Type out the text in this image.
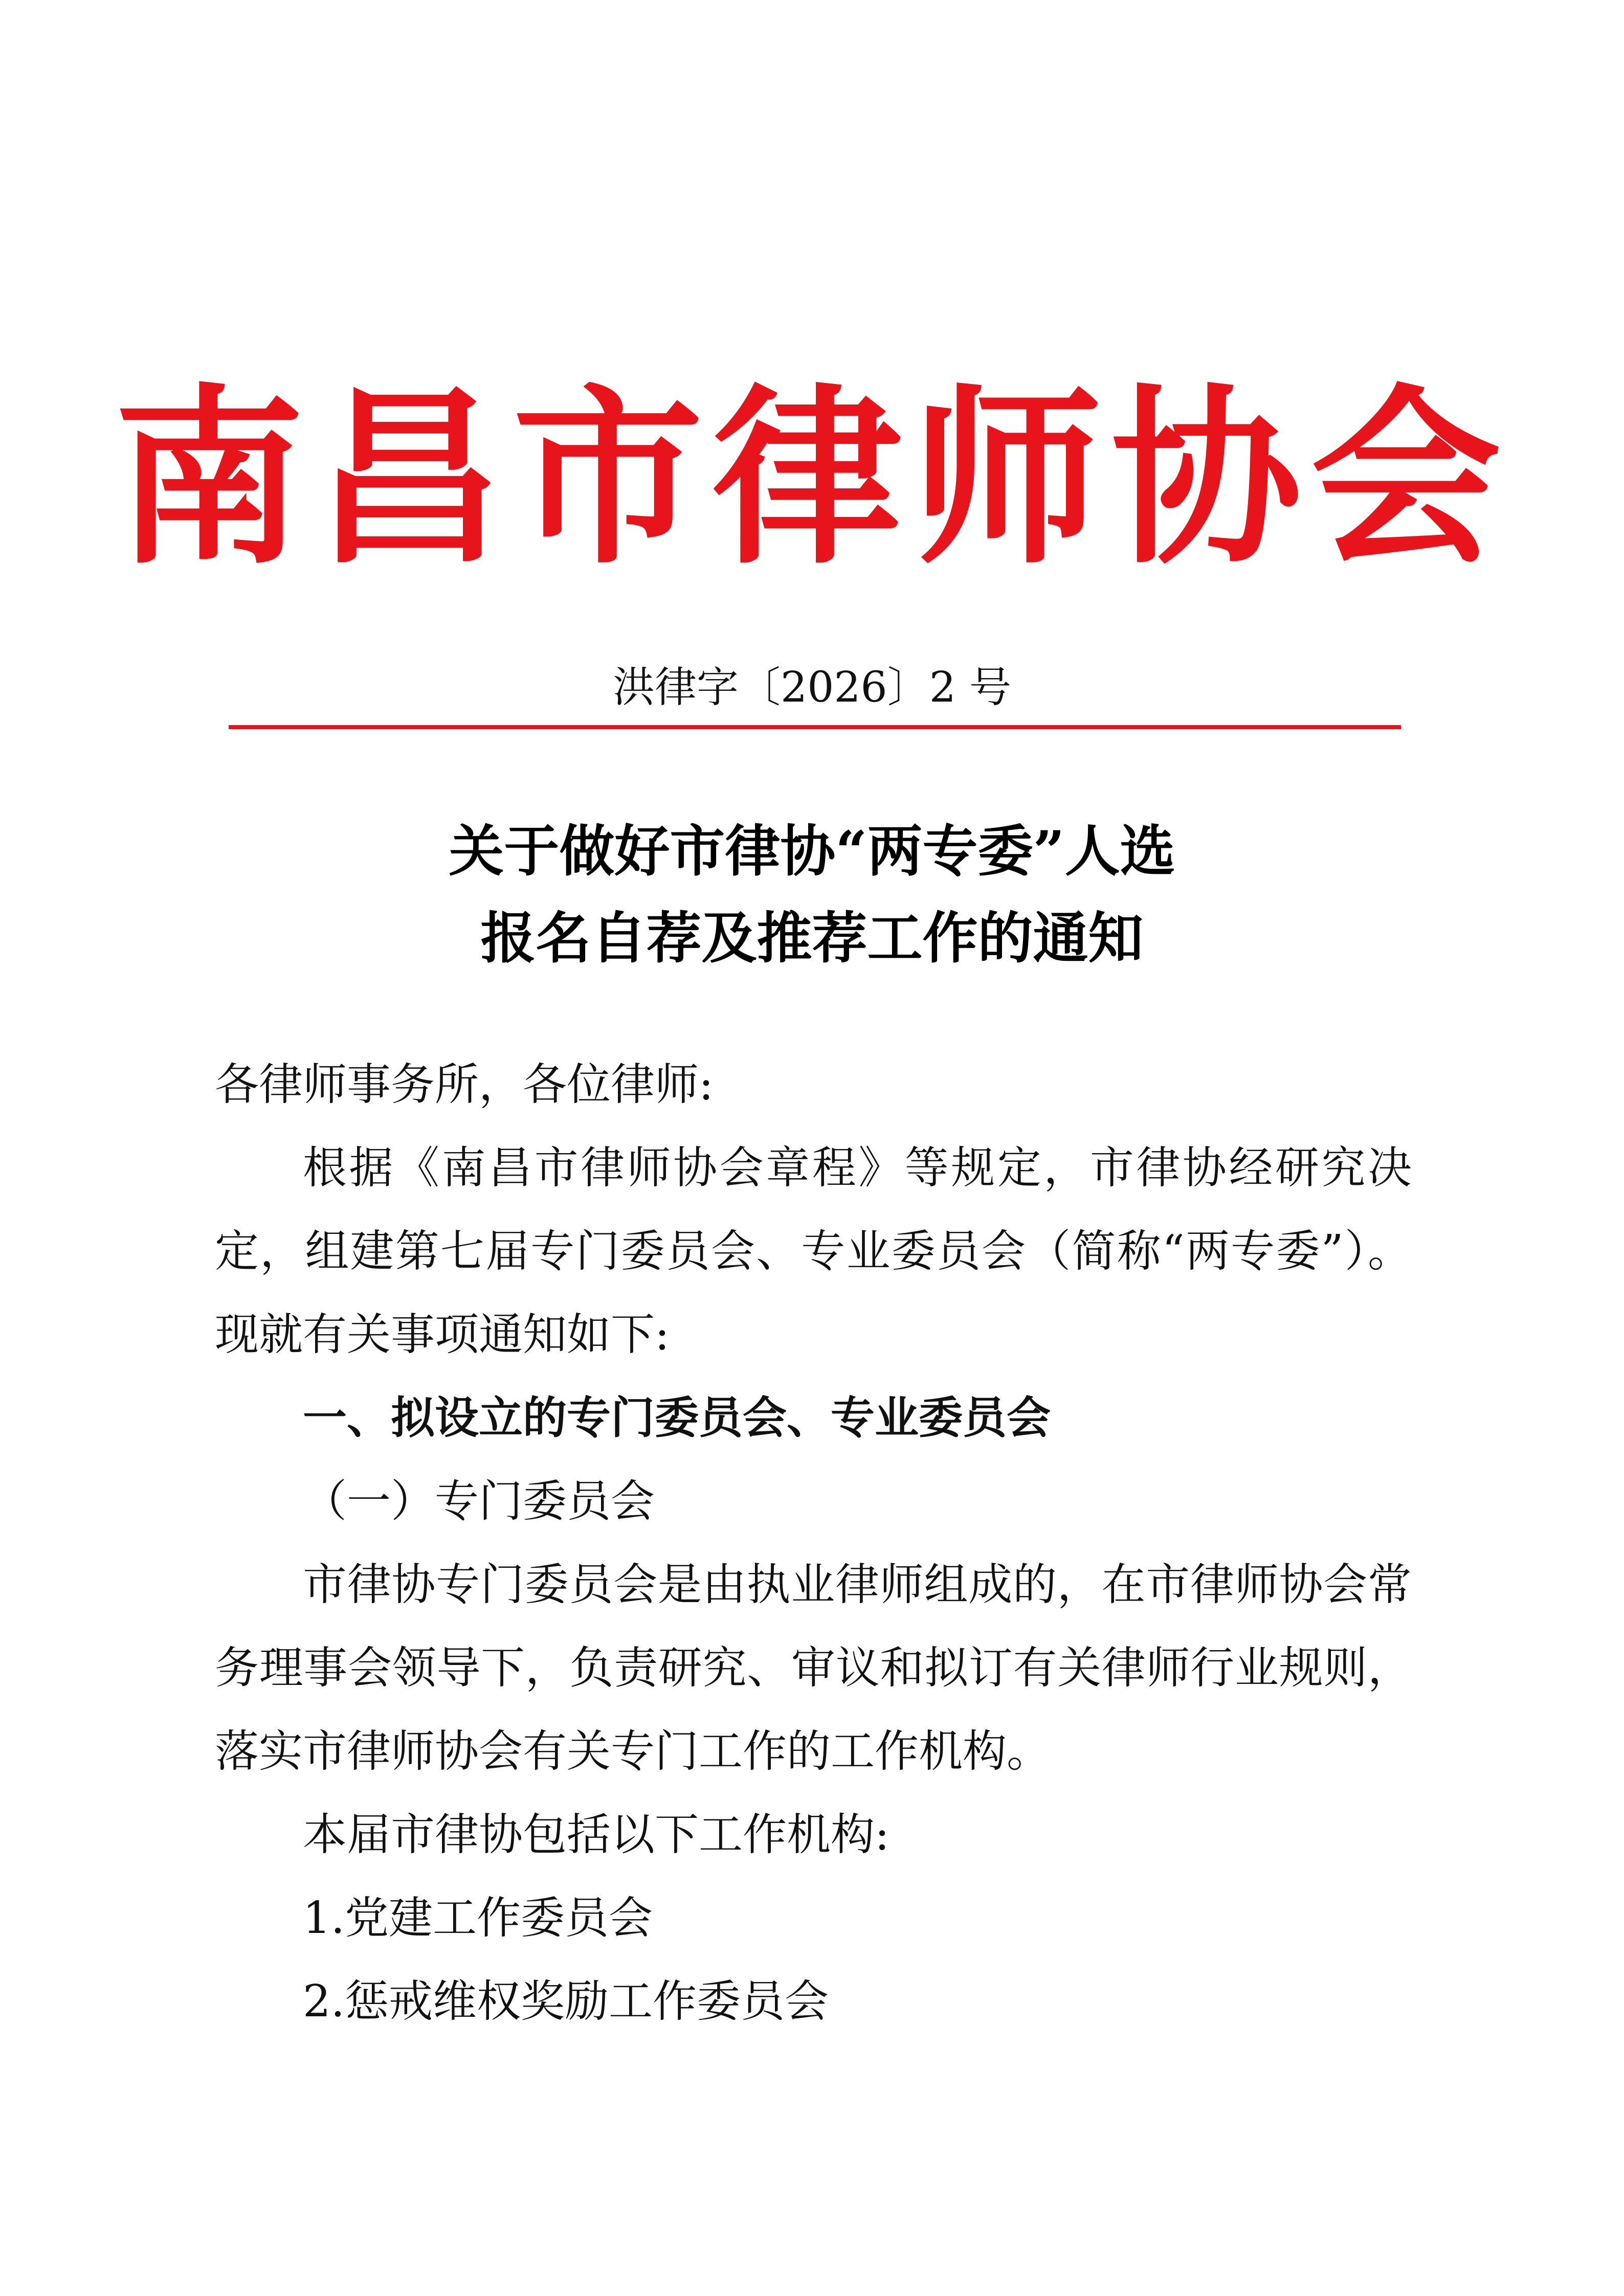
南昌市律师协会
洪律字〔2026〕2 号
关于做好市律协“两专委”人选
报名自荐及推荐工作的通知

各律师事务所，各位律师:

根据《南昌市律师协会章程》等规定，市律协经研究决定，组建第七届专门委员会、专业委员会（简称“两专委”）。现就有关事项通知如下:

一、拟设立的专门委员会、专业委员会

（一）专门委员会

市律协专门委员会是由执业律师组成的，在市律师协会常务理事会领导下，负责研究、审议和拟订有关律师行业规则，落实市律师协会有关专门工作的工作机构。

本届市律协包括以下工作机构:

1.党建工作委员会

2.惩戒维权奖励工作委员会
